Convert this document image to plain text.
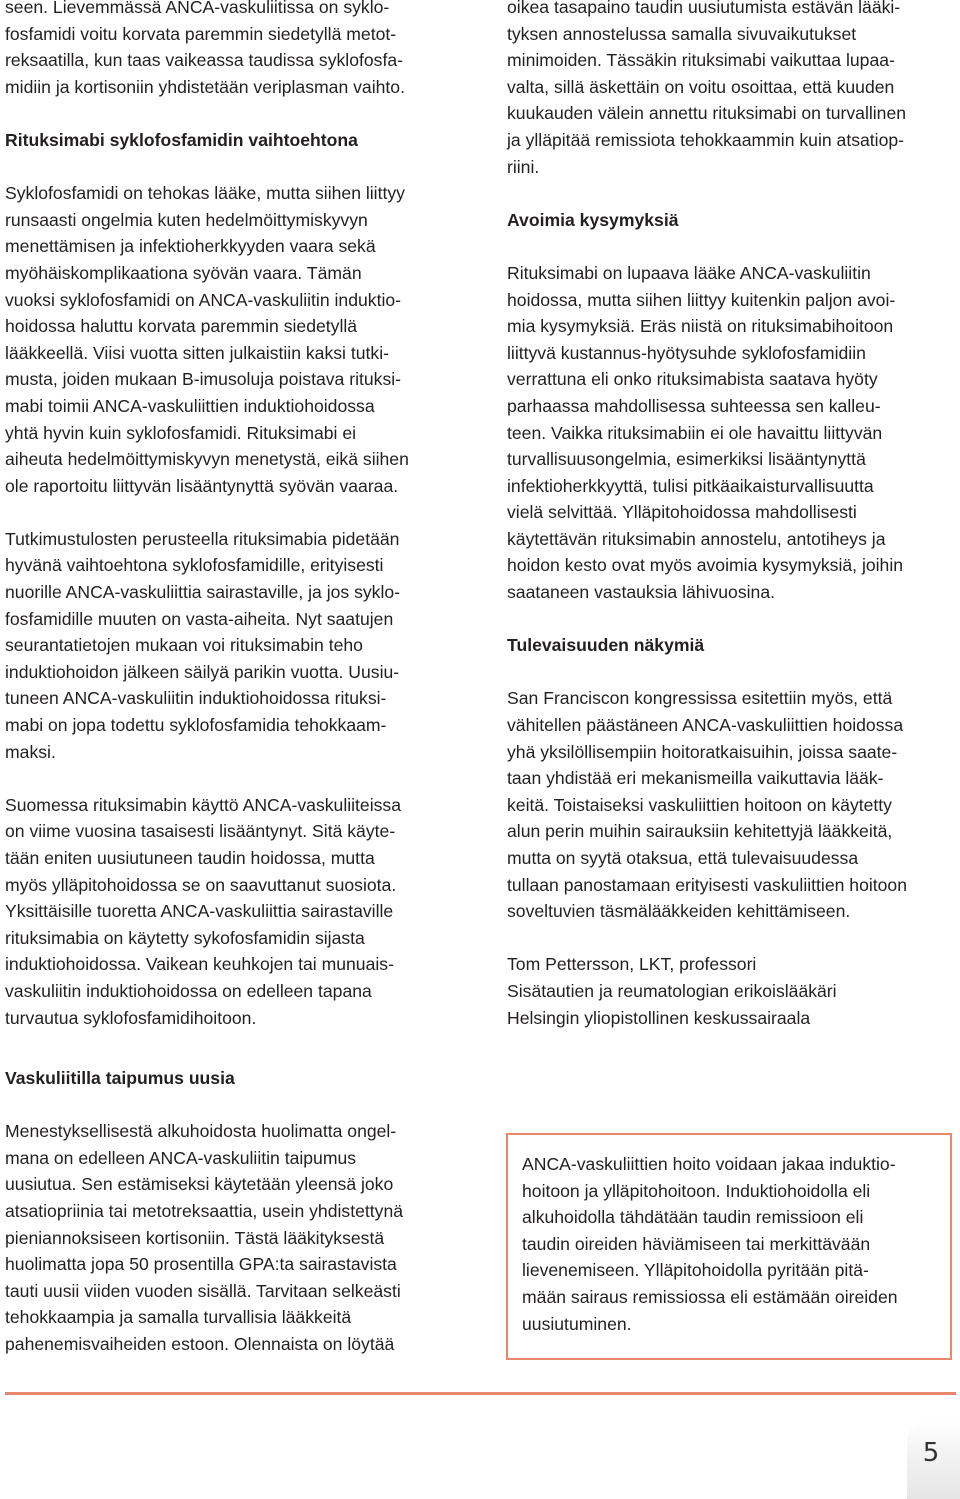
seen. Lievemmässä ANCA-vaskuliitissa on syklo-

fosfamidi voitu korvata paremmin siedetyllä metot-

reksaatilla, kun taas vaikeassa taudissa syklofosfa-

midiin ja kortisoniin yhdistetään veriplasman vaihto.

Rituksimabi syklofosfamidin vaihtoehtona

Syklofosfamidi on tehokas lääke, mutta siihen liittyy

runsaasti ongelmia kuten hedelmöittymiskyvyn

menettämisen ja infektioherkkyyden vaara sekä

myöhäiskomplikaationa syövän vaara. Tämän

vuoksi syklofosfamidi on ANCA-vaskuliitin induktio-

hoidossa haluttu korvata paremmin siedetyllä

lääkkeellä. Viisi vuotta sitten julkaistiin kaksi tutki-

musta, joiden mukaan B-imusoluja poistava rituksi-

mabi toimii ANCA-vaskuliittien induktiohoidossa

yhtä hyvin kuin syklofosfamidi. Rituksimabi ei

aiheuta hedelmöittymiskyvyn menetystä, eikä siihen

ole raportoitu liittyvän lisääntynyttä syövän vaaraa.

Tutkimustulosten perusteella rituksimabia pidetään

hyvänä vaihtoehtona syklofosfamidille, erityisesti

nuorille ANCA-vaskuliittia sairastaville, ja jos syklo-

fosfamidille muuten on vasta-aiheita. Nyt saatujen

seurantatietojen mukaan voi rituksimabin teho

induktiohoidon jälkeen säilyä parikin vuotta. Uusiu-

tuneen ANCA-vaskuliitin induktiohoidossa rituksi-

mabi on jopa todettu syklofosfamidia tehokkaam-

maksi.

Suomessa rituksimabin käyttö ANCA-vaskuliiteissa

on viime vuosina tasaisesti lisääntynyt. Sitä käyte-

tään eniten uusiutuneen taudin hoidossa, mutta

myös ylläpitohoidossa se on saavuttanut suosiota.

Yksittäisille tuoretta ANCA-vaskuliittia sairastaville

rituksimabia on käytetty sykofosfamidin sijasta

induktiohoidossa. Vaikean keuhkojen tai munuais-

vaskuliitin induktiohoidossa on edelleen tapana

turvautua syklofosfamidihoitoon.

oikea tasapaino taudin uusiutumista estävän lääki-

tyksen annostelussa samalla sivuvaikutukset

minimoiden. Tässäkin rituksimabi vaikuttaa lupaa-

valta, sillä äskettäin on voitu osoittaa, että kuuden

kuukauden välein annettu rituksimabi on turvallinen

ja ylläpitää remissiota tehokkaammin kuin atsatiop-

riini.

Avoimia kysymyksiä

Rituksimabi on lupaava lääke ANCA-vaskuliitin

hoidossa, mutta siihen liittyy kuitenkin paljon avoi-

mia kysymyksiä. Eräs niistä on rituksimabihoitoon

liittyvä kustannus-hyötysuhde syklofosfamidiin

verrattuna eli onko rituksimabista saatava hyöty

parhaassa mahdollisessa suhteessa sen kalleu-

teen. Vaikka rituksimabiin ei ole havaittu liittyvän

turvallisuusongelmia, esimerkiksi lisääntynyttä

infektioherkkyyttä, tulisi pitkäaikaisturvallisuutta

vielä selvittää. Ylläpitohoidossa mahdollisesti

käytettävän rituksimabin annostelu, antotiheys ja

hoidon kesto ovat myös avoimia kysymyksiä, joihin

saataneen vastauksia lähivuosina.

Tulevaisuuden näkymiä

San Franciscon kongressissa esitettiin myös, että

vähitellen päästäneen ANCA-vaskuliittien hoidossa

yhä yksilöllisempiin hoitoratkaisuihin, joissa saate-

taan yhdistää eri mekanismeilla vaikuttavia lääk-

keitä. Toistaiseksi vaskuliittien hoitoon on käytetty

alun perin muihin sairauksiin kehitettyjä lääkkeitä,

mutta on syytä otaksua, että tulevaisuudessa

tullaan panostamaan erityisesti vaskuliittien hoitoon

soveltuvien täsmälääkkeiden kehittämiseen.

Tom Pettersson, LKT, professori

Sisätautien ja reumatologian erikoislääkäri

Helsingin yliopistollinen keskussairaala

Vaskuliitilla taipumus uusia

Menestyksellisestä alkuhoidosta huolimatta ongel-

mana on edelleen ANCA-vaskuliitin taipumus

uusiutua. Sen estämiseksi käytetään yleensä joko

atsatiopriinia tai metotreksaattia, usein yhdistettynä

pieniannoksiseen kortisoniin. Tästä lääkityksestä

huolimatta jopa 50 prosentilla GPA:ta sairastavista

tauti uusii viiden vuoden sisällä. Tarvitaan selkeästi

tehokkaampia ja samalla turvallisia lääkkeitä

pahenemisvaiheiden estoon. Olennaista on löytää

ANCA-vaskuliittien hoito voidaan jakaa induktio-

hoitoon ja ylläpitohoitoon. Induktiohoidolla eli

alkuhoidolla tähdätään taudin remissioon eli

taudin oireiden häviämiseen tai merkittävään

lievenemiseen. Ylläpitohoidolla pyritään pitä-

mään sairaus remissiossa eli estämään oireiden

uusiutuminen.

5
